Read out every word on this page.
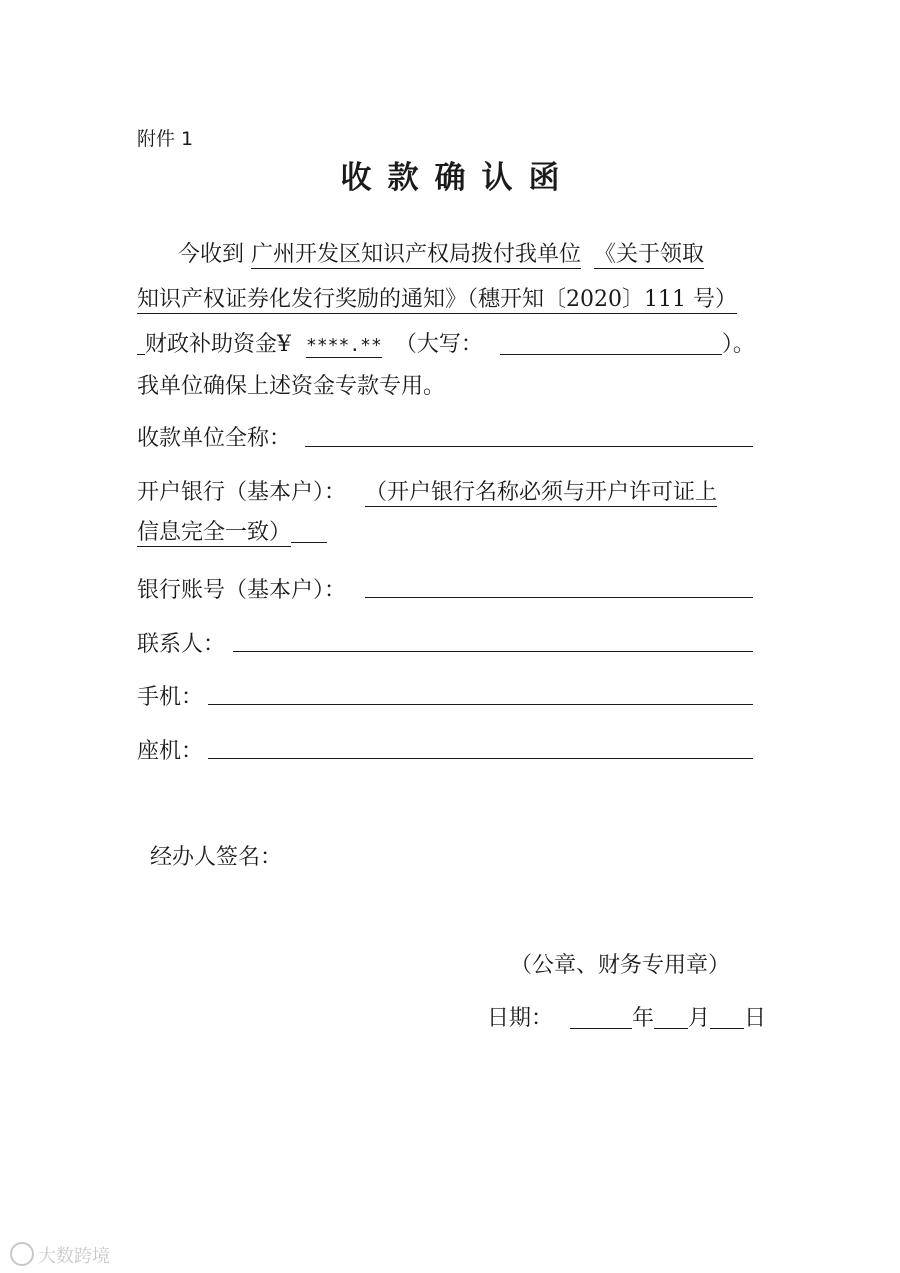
附件 1
收款确认函
今收到 广州开发区知识产权局拨付我单位 《关于领取
知识产权证券化发行奖励的通知》（穗开知〔2020〕111 号）
财政补助资金¥ ****.** （大写：	）。
我单位确保上述资金专款专用。
收款单位全称：
开户银行（基本户）： （开户银行名称必须与开户许可证上
信息完全一致）
银行账号（基本户）：
联系人：
手机：
座机：
经办人签名：
（公章、财务专用章）
日期：	年 月 日
大数跨境
